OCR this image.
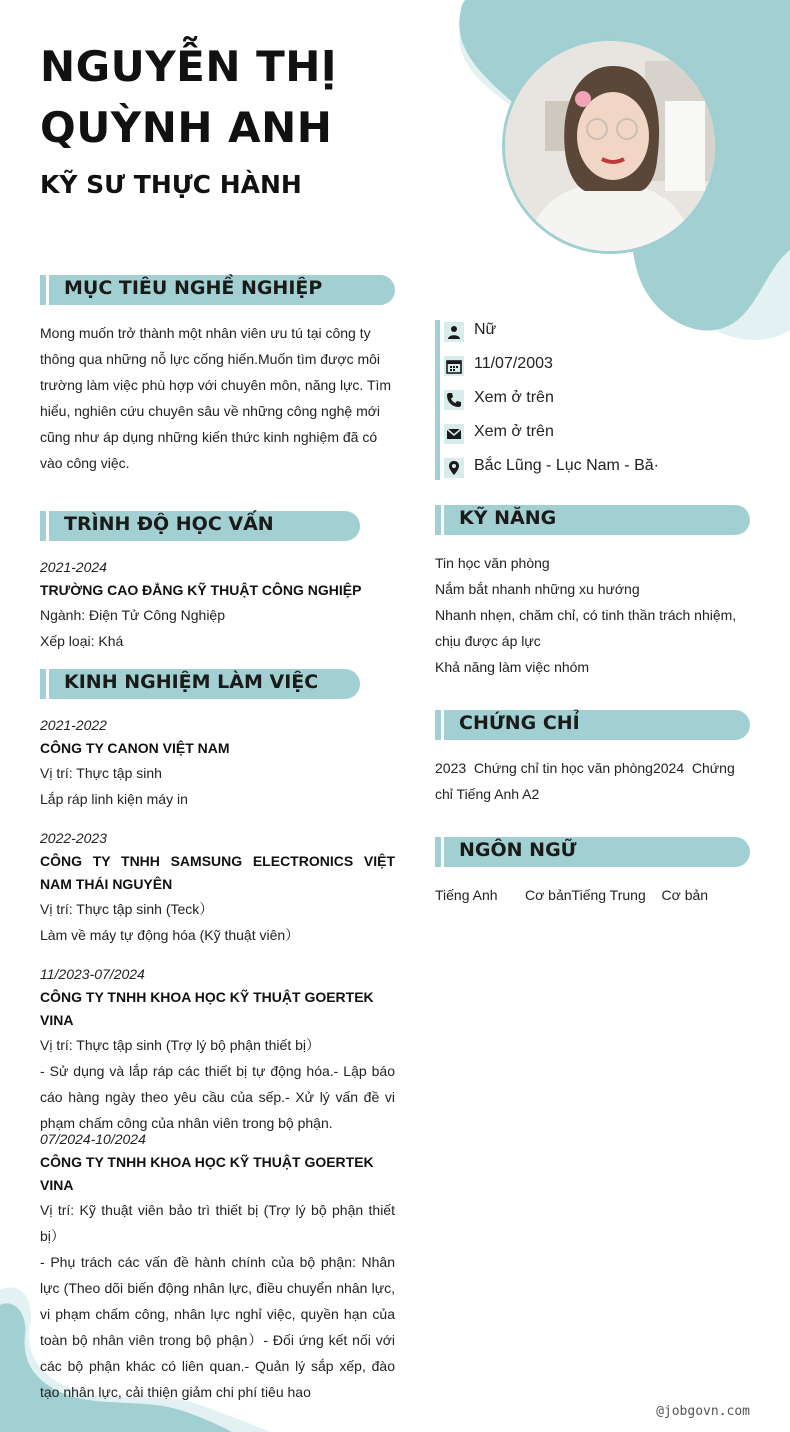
NGUYỄN THỊ
QUỲNH ANH
KỸ SƯ THỰC HÀNH
MỤC TIÊU NGHỀ NGHIỆP
Mong muốn trở thành một nhân viên ưu tú tại công ty thông qua những nỗ lực cống hiến.Muốn tìm được môi trường làm việc phù hợp với chuyên môn, năng lực. Tìm hiểu, nghiên cứu chuyên sâu về những công nghệ mới cũng như áp dụng những kiến thức kinh nghiệm đã có vào công việc.
Nữ
11/07/2003
Xem ở trên
Xem ở trên
Bắc Lũng - Lục Nam - Bă·
TRÌNH ĐỘ HỌC VẤN
2021-2024
TRƯỜNG CAO ĐẲNG KỸ THUẬT CÔNG NGHIỆP
Ngành: Điện Tử Công Nghiệp
Xếp loại: Khá
KINH NGHIỆM LÀM VIỆC
2021-2022
CÔNG TY CANON VIỆT NAM
Vị trí: Thực tập sinh
Lắp ráp linh kiện máy in
2022-2023
CÔNG TY TNHH SAMSUNG ELECTRONICS VIỆT NAM THÁI NGUYÊN
Vị trí: Thực tập sinh (Teck）
Làm về máy tự động hóa (Kỹ thuật viên）
11/2023-07/2024
CÔNG TY TNHH KHOA HỌC KỸ THUẬT GOERTEK VINA
Vị trí: Thực tập sinh (Trợ lý bộ phận thiết bị）
- Sử dụng và lắp ráp các thiết bị tự động hóa.- Lập báo cáo hàng ngày theo yêu cầu của sếp.- Xử lý vấn đề vi phạm chấm công của nhân viên trong bộ phận.
07/2024-10/2024
CÔNG TY TNHH KHOA HỌC KỸ THUẬT GOERTEK VINA
Vị trí: Kỹ thuật viên bảo trì thiết bị (Trợ lý bộ phận thiết bị）
- Phụ trách các vấn đề hành chính của bộ phận: Nhân lực (Theo dõi biến động nhân lực, điều chuyển nhân lực, vi phạm chấm công, nhân lực nghỉ việc, quyền hạn của toàn bộ nhân viên trong bộ phận）- Đối ứng kết nối với các bộ phận khác có liên quan.- Quản lý sắp xếp, đào tạo nhân lực, cải thiện giảm chi phí tiêu hao
KỸ NĂNG
Tin học văn phòng
Nắm bắt nhanh những xu hướng
Nhanh nhẹn, chăm chỉ, có tinh thần trách nhiệm, chịu được áp lực
Khả năng làm việc nhóm
CHỨNG CHỈ
2023  Chứng chỉ tin học văn phòng2024  Chứng chỉ Tiếng Anh A2
NGÔN NGỮ
Tiếng Anh Cơ bảnTiếng Trung Cơ bản
@jobgovn.com
